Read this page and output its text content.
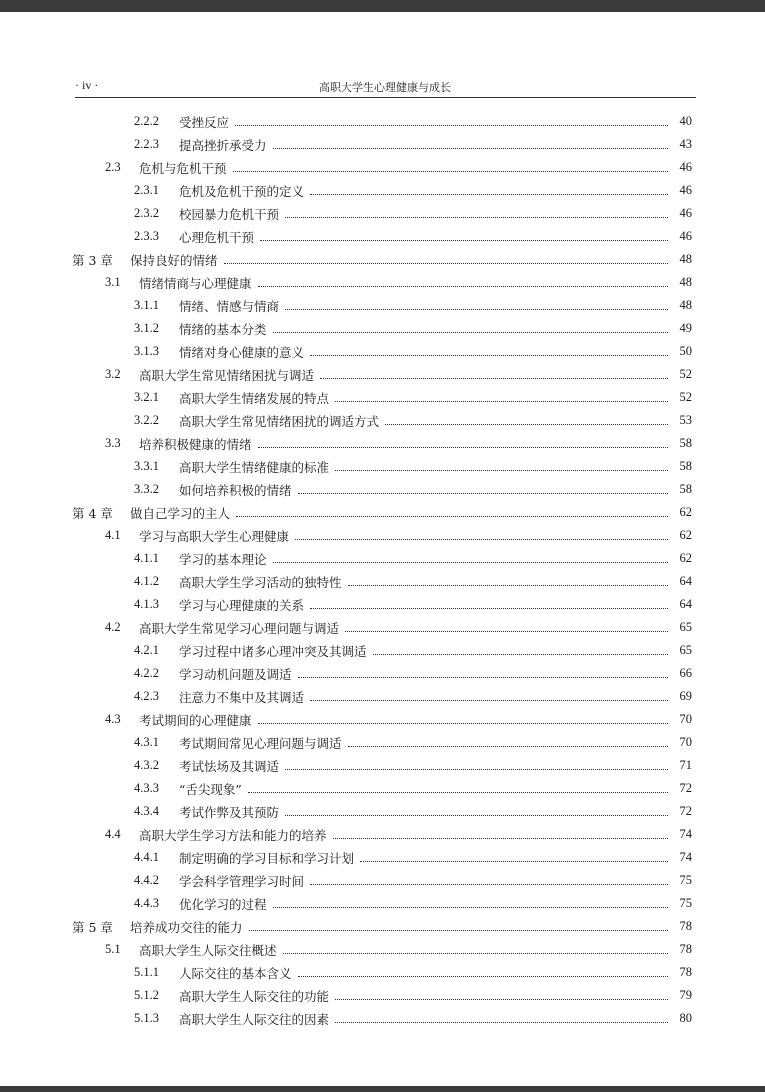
· iv ·	高职大学生心理健康与成长
2.2.2	受挫反应	40
2.2.3	提高挫折承受力	43
2.3	危机与危机干预	46
2.3.1	危机及危机干预的定义	46
2.3.2	校园暴力危机干预	46
2.3.3	心理危机干预	46
第 3 章	保持良好的情绪	48
3.1	情绪情商与心理健康	48
3.1.1	情绪、情感与情商	48
3.1.2	情绪的基本分类	49
3.1.3	情绪对身心健康的意义	50
3.2	高职大学生常见情绪困扰与调适	52
3.2.1	高职大学生情绪发展的特点	52
3.2.2	高职大学生常见情绪困扰的调适方式	53
3.3	培养积极健康的情绪	58
3.3.1	高职大学生情绪健康的标准	58
3.3.2	如何培养积极的情绪	58
第 4 章	做自己学习的主人	62
4.1	学习与高职大学生心理健康	62
4.1.1	学习的基本理论	62
4.1.2	高职大学生学习活动的独特性	64
4.1.3	学习与心理健康的关系	64
4.2	高职大学生常见学习心理问题与调适	65
4.2.1	学习过程中诸多心理冲突及其调适	65
4.2.2	学习动机问题及调适	66
4.2.3	注意力不集中及其调适	69
4.3	考试期间的心理健康	70
4.3.1	考试期间常见心理问题与调适	70
4.3.2	考试怯场及其调适	71
4.3.3	“舌尖现象”	72
4.3.4	考试作弊及其预防	72
4.4	高职大学生学习方法和能力的培养	74
4.4.1	制定明确的学习目标和学习计划	74
4.4.2	学会科学管理学习时间	75
4.4.3	优化学习的过程	75
第 5 章	培养成功交往的能力	78
5.1	高职大学生人际交往概述	78
5.1.1	人际交往的基本含义	78
5.1.2	高职大学生人际交往的功能	79
5.1.3	高职大学生人际交往的因素	80
